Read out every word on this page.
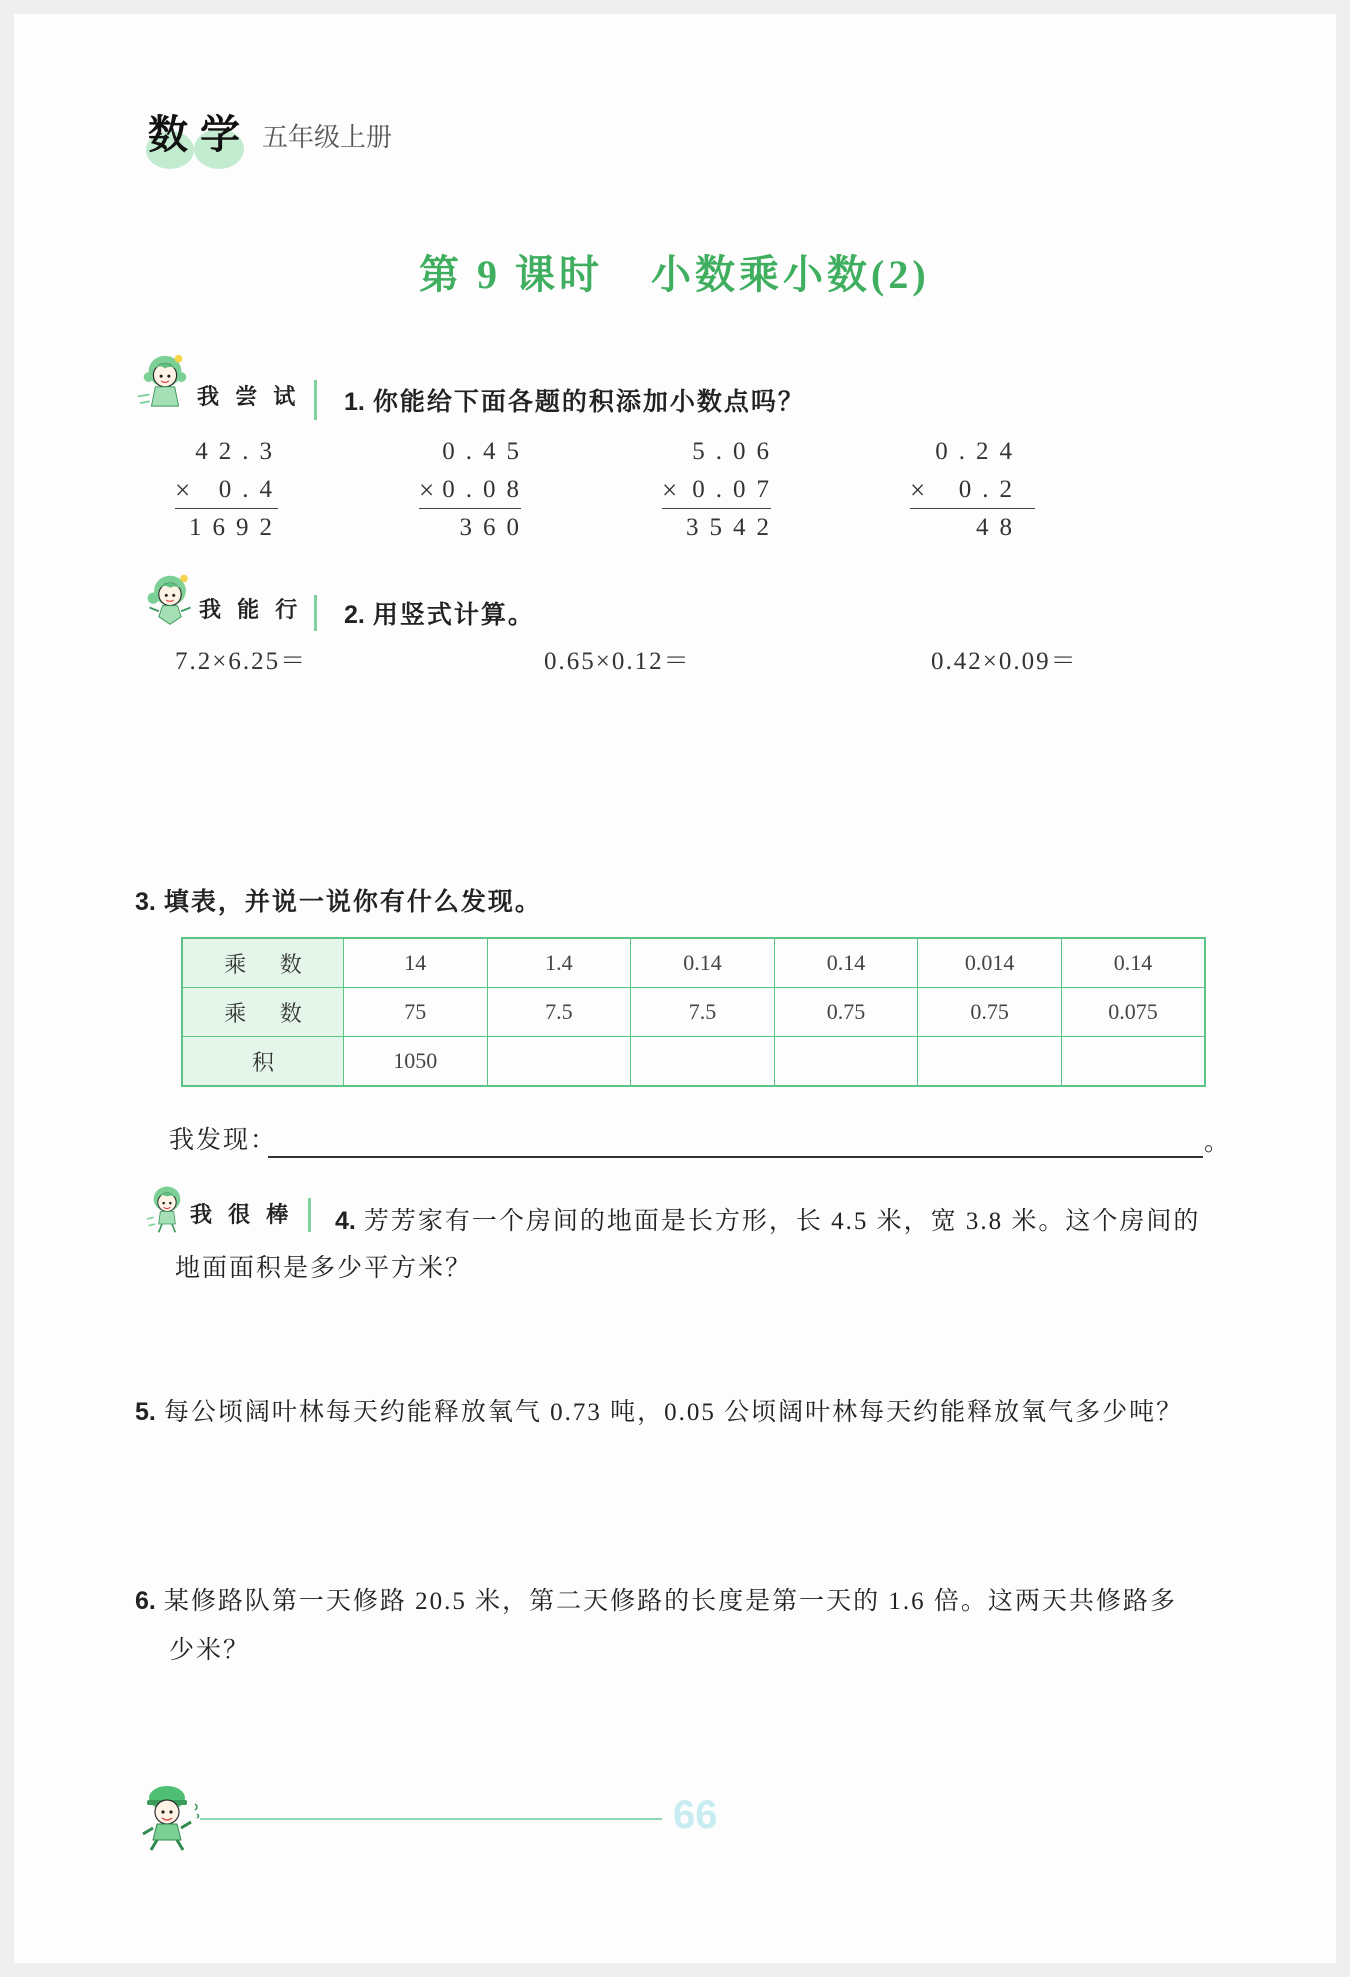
数学 五年级上册
第 9 课时 小数乘小数(2)
我 尝 试 1. 你能给下面各题的积添加小数点吗？
42.3
× 0.4
1692
0.45
× 0.08
360
5.06
× 0.07
3542
0.24
× 0.2
48
我 能 行 2. 用竖式计算。
7.2×6.25＝	0.65×0.12＝	0.42×0.09＝
3. 填表，并说一说你有什么发现。
乘 数	14	1.4	0.14	0.14	0.014	0.14
乘 数	75	7.5	7.5	0.75	0.75	0.075
积	1050					
我发现：	。
我 很 棒 4. 芳芳家有一个房间的地面是长方形，长 4.5 米，宽 3.8 米。这个房间的
地面面积是多少平方米？
5. 每公顷阔叶林每天约能释放氧气 0.73 吨，0.05 公顷阔叶林每天约能释放氧气多少吨？
6. 某修路队第一天修路 20.5 米，第二天修路的长度是第一天的 1.6 倍。这两天共修路多
少米？
66
